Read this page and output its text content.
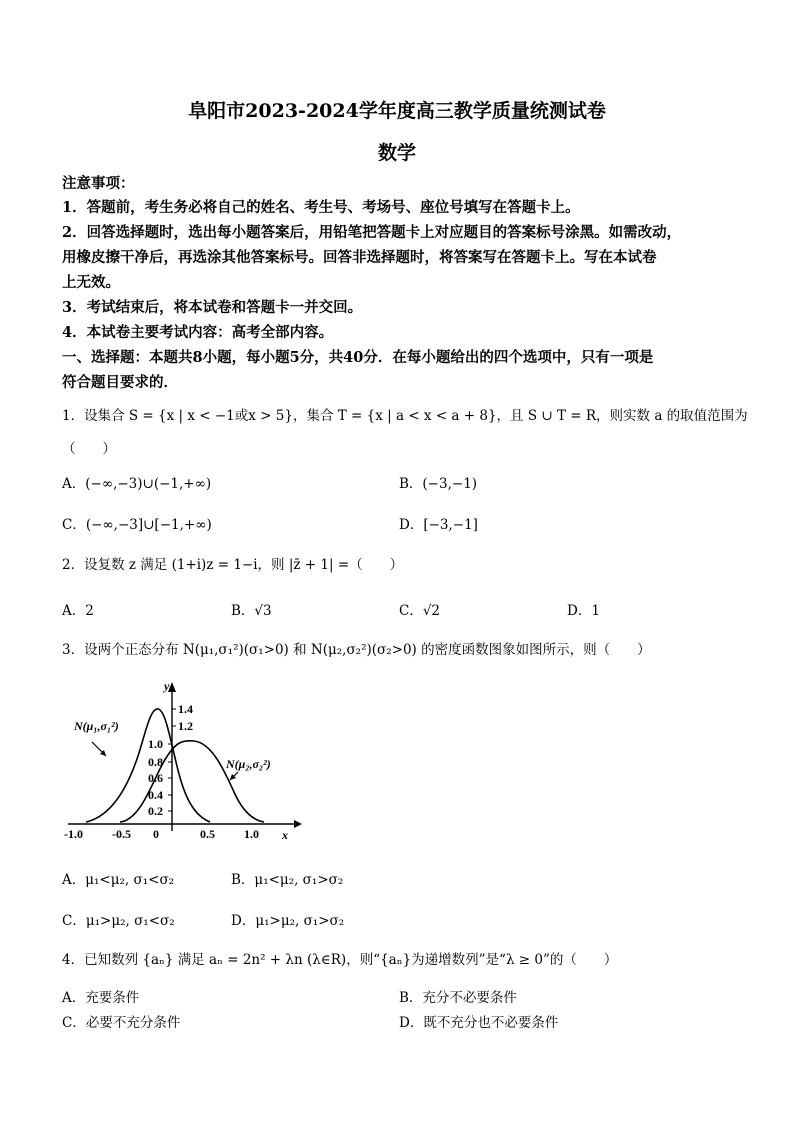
阜阳市2023-2024学年度高三教学质量统测试卷
数学
注意事项：
1．答题前，考生务必将自己的姓名、考生号、考场号、座位号填写在答题卡上。
2．回答选择题时，选出每小题答案后，用铅笔把答题卡上对应题目的答案标号涂黑。如需改动，
用橡皮擦干净后，再选涂其他答案标号。回答非选择题时，将答案写在答题卡上。写在本试卷
上无效。
3．考试结束后，将本试卷和答题卡一并交回。
4．本试卷主要考试内容：高考全部内容。
一、选择题：本题共8小题，每小题5分，共40分．在每小题给出的四个选项中，只有一项是
符合题目要求的．
1．设集合 S = {x | x < −1或x > 5}，集合 T = {x | a < x < a + 8}，且 S ∪ T = R，则实数 a 的取值范围为
（　　）
A．(−∞,−3)∪(−1,+∞)	B．(−3,−1)
C．(−∞,−3]∪[−1,+∞)	D．[−3,−1]
2．设复数 z 满足 (1+i)z = 1−i，则 |z̄ + 1| =（　　）
A．2	B．√3	C．√2	D．1
3．设两个正态分布 N(μ₁,σ₁²)(σ₁>0) 和 N(μ₂,σ₂²)(σ₂>0) 的密度函数图象如图所示，则（　　）
y
x
1.4
1.2
1.0
0.8
0.6
0.4
0.2
-1.0 -0.5 0	0.5 1.0
N(μ₁,σ₁²)
N(μ₂,σ₂²)
A．μ₁<μ₂, σ₁<σ₂	B．μ₁<μ₂, σ₁>σ₂
C．μ₁>μ₂, σ₁<σ₂	D．μ₁>μ₂, σ₁>σ₂
4．已知数列 {aₙ} 满足 aₙ = 2n² + λn (λ∈R)，则“{aₙ}为递增数列”是“λ ≥ 0”的（　　）
A．充要条件	B．充分不必要条件
C．必要不充分条件	D．既不充分也不必要条件
